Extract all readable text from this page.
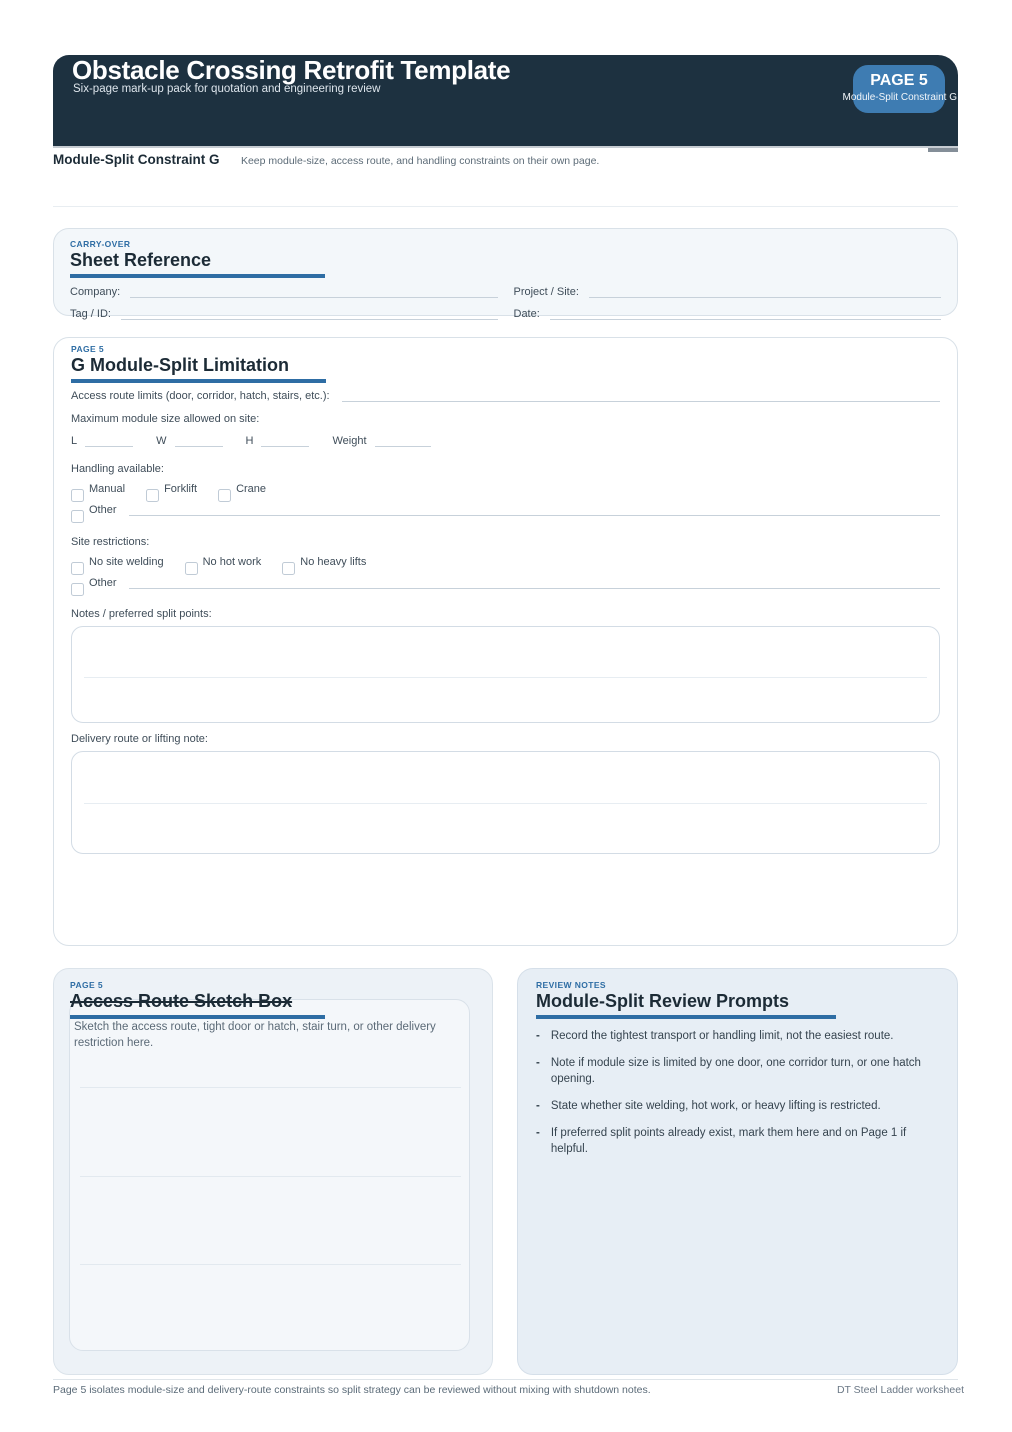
Obstacle Crossing Retrofit Template
Six-page mark-up pack for quotation and engineering review	PAGE 5
Module-Split Constraint G
Module-Split Constraint G Keep module-size, access route, and handling constraints on their own page.
CARRY-OVER
Sheet Reference
Company:	Project / Site:
Tag / ID:	Date:
PAGE 5
G Module-Split Limitation
Access route limits (door, corridor, hatch, stairs, etc.):
Maximum module size allowed on site:
L	W	H	Weight
Handling available:
Manual	Forklift	Crane
Other
Site restrictions:
No site welding	No hot work	No heavy lifts
Other
Notes / preferred split points:
Delivery route or lifting note:
Sketch the access route, tight door or hatch, stair turn, or other delivery restriction here.
PAGE 5
Access Route Sketch Box
REVIEW NOTES
Module-Split Review Prompts
- Record the tightest transport or handling limit, not the easiest route.
- Note if module size is limited by one door, one corridor turn, or one hatch opening.
- State whether site welding, hot work, or heavy lifting is restricted.
- If preferred split points already exist, mark them here and on Page 1 if helpful.
Page 5 isolates module-size and delivery-route constraints so split strategy can be reviewed without mixing with shutdown notes.	DT Steel Ladder worksheet
